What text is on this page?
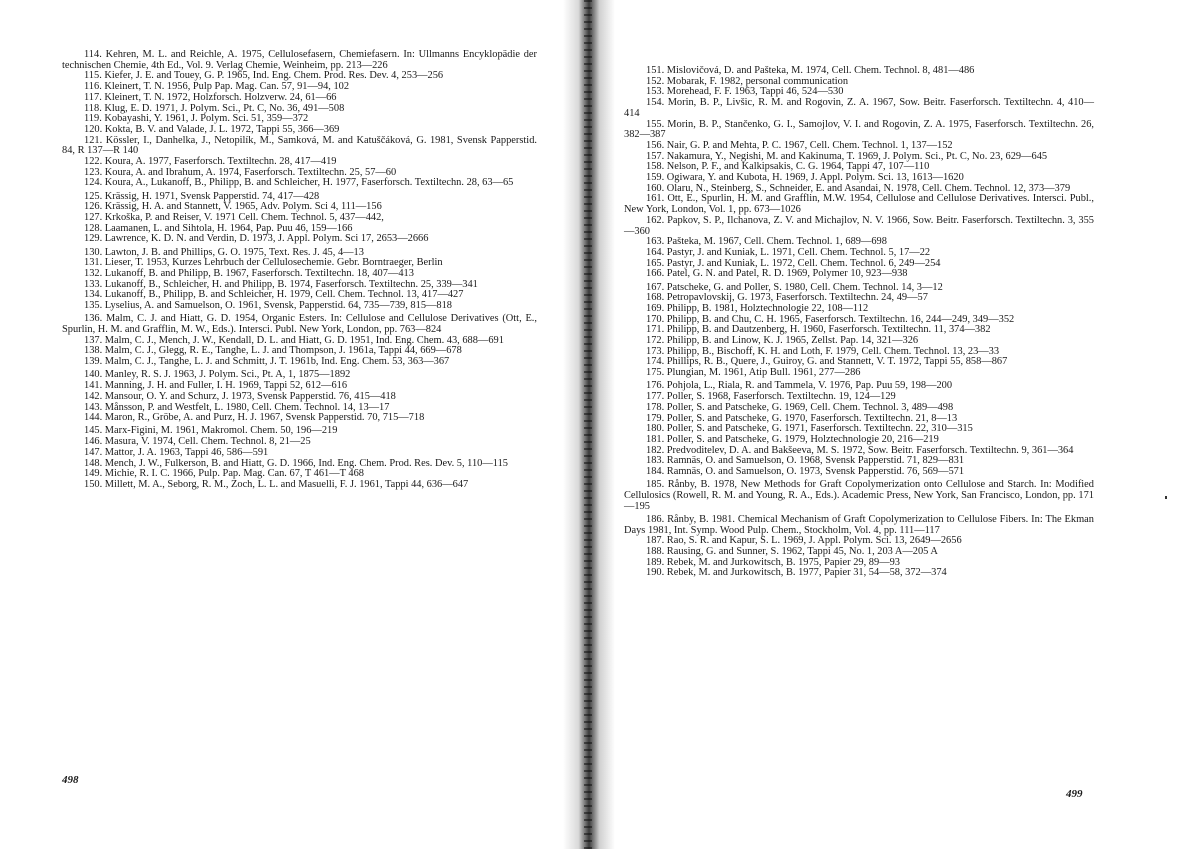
114. Kehren, M. L. and Reichle, A. 1975, Cellulosefasern, Chemiefasern. In: Ullmanns Encyklopädie der technischen Chemie, 4th Ed., Vol. 9. Verlag Chemie, Weinheim, pp. 213—226

115. Kiefer, J. E. and Touey, G. P. 1965, Ind. Eng. Chem. Prod. Res. Dev. 4, 253—256

116. Kleinert, T. N. 1956, Pulp Pap. Mag. Can. 57, 91—94, 102

117. Kleinert, T. N. 1972, Holzforsch. Holzverw. 24, 61—66

118. Klug, E. D. 1971, J. Polym. Sci., Pt. C, No. 36, 491—508

119. Kobayashi, Y. 1961, J. Polym. Sci. 51, 359—372

120. Kokta, B. V. and Valade, J. L. 1972, Tappi 55, 366—369

121. Kössler, I., Danhelka, J., Netopilík, M., Samková, M. and Katuščáková, G. 1981, Svensk Papperstid. 84, R 137—R 140

122. Koura, A. 1977, Faserforsch. Textiltechn. 28, 417—419

123. Koura, A. and Ibrahum, A. 1974, Faserforsch. Textiltechn. 25, 57—60

124. Koura, A., Lukanoff, B., Philipp, B. and Schleicher, H. 1977, Faserforsch. Textiltechn. 28, 63—65

125. Krässig, H. 1971, Svensk Papperstid. 74, 417—428

126. Krässig, H. A. and Stannett, V. 1965, Adv. Polym. Sci 4, 111—156

127. Krkoška, P. and Reiser, V. 1971 Cell. Chem. Technol. 5, 437—442,

128. Laamanen, L. and Sihtola, H. 1964, Pap. Puu 46, 159—166

129. Lawrence, K. D. N. and Verdin, D. 1973, J. Appl. Polym. Sci 17, 2653—2666

130. Lawton, J. B. and Phillips, G. O. 1975, Text. Res. J. 45, 4—13

131. Lieser, T. 1953, Kurzes Lehrbuch der Cellulosechemie. Gebr. Borntraeger, Berlin

132. Lukanoff, B. and Philipp, B. 1967, Faserforsch. Textiltechn. 18, 407—413

133. Lukanoff, B., Schleicher, H. and Philipp, B. 1974, Faserforsch. Textiltechn. 25, 339—341

134. Lukanoff, B., Philipp, B. and Schleicher, H. 1979, Cell. Chem. Technol. 13, 417—427

135. Lyselius, A. and Samuelson, O. 1961, Svensk, Papperstid. 64, 735—739, 815—818

136. Malm, C. J. and Hiatt, G. D. 1954, Organic Esters. In: Cellulose and Cellulose Derivatives (Ott, E., Spurlin, H. M. and Grafflin, M. W., Eds.). Intersci. Publ. New York, London, pp. 763—824

137. Malm, C. J., Mench, J. W., Kendall, D. L. and Hiatt, G. D. 1951, Ind. Eng. Chem. 43, 688—691

138. Malm, C. J., Glegg, R. E., Tanghe, L. J. and Thompson, J. 1961a, Tappi 44, 669—678

139. Malm, C. J., Tanghe, L. J. and Schmitt, J. T. 1961b, Ind. Eng. Chem. 53, 363—367

140. Manley, R. S. J. 1963, J. Polym. Sci., Pt. A, 1, 1875—1892

141. Manning, J. H. and Fuller, I. H. 1969, Tappi 52, 612—616

142. Mansour, O. Y. and Schurz, J. 1973, Svensk Papperstid. 76, 415—418

143. Månsson, P. and Westfelt, L. 1980, Cell. Chem. Technol. 14, 13—17

144. Maron, R., Gröbe, A. and Purz, H. J. 1967, Svensk Papperstid. 70, 715—718

145. Marx-Figini, M. 1961, Makromol. Chem. 50, 196—219

146. Masura, V. 1974, Cell. Chem. Technol. 8, 21—25

147. Mattor, J. A. 1963, Tappi 46, 586—591

148. Mench, J. W., Fulkerson, B. and Hiatt, G. D. 1966, Ind. Eng. Chem. Prod. Res. Dev. 5, 110—115

149. Michie, R. I. C. 1966, Pulp. Pap. Mag. Can. 67, T 461—T 468

150. Millett, M. A., Seborg, R. M., Zoch, L. L. and Masuelli, F. J. 1961, Tappi 44, 636—647

498

151. Mislovičová, D. and Pašteka, M. 1974, Cell. Chem. Technol. 8, 481—486

152. Mobarak, F. 1982, personal communication

153. Morehead, F. F. 1963, Tappi 46, 524—530

154. Morin, B. P., Livšic, R. M. and Rogovin, Z. A. 1967, Sow. Beitr. Faserforsch. Textiltechn. 4, 410—414

155. Morin, B. P., Stančenko, G. I., Samojlov, V. I. and Rogovin, Z. A. 1975, Faserforsch. Textiltechn. 26, 382—387

156. Nair, G. P. and Mehta, P. C. 1967, Cell. Chem. Technol. 1, 137—152

157. Nakamura, Y., Negishi, M. and Kakinuma, T. 1969, J. Polym. Sci., Pt. C, No. 23, 629—645

158. Nelson, P. F., and Kalkipsakis, C. G. 1964, Tappi 47, 107—110

159. Ogiwara, Y. and Kubota, H. 1969, J. Appl. Polym. Sci. 13, 1613—1620

160. Olaru, N., Steinberg, S., Schneider, E. and Asandai, N. 1978, Cell. Chem. Technol. 12, 373—379

161. Ott, E., Spurlin, H. M. and Grafflin, M.W. 1954, Cellulose and Cellulose Derivatives. Intersci. Publ., New York, London, Vol. 1, pp. 673—1026

162. Papkov, S. P., Ilchanova, Z. V. and Michajlov, N. V. 1966, Sow. Beitr. Faserforsch. Textiltechn. 3, 355—360

163. Pašteka, M. 1967, Cell. Chem. Technol. 1, 689—698

164. Pastyr, J. and Kuniak, L. 1971, Cell. Chem. Technol. 5, 17—22

165. Pastyr, J. and Kuniak, L. 1972, Cell. Chem. Technol. 6, 249—254

166. Patel, G. N. and Patel, R. D. 1969, Polymer 10, 923—938

167. Patscheke, G. and Poller, S. 1980, Cell. Chem. Technol. 14, 3—12

168. Petropavlovskij, G. 1973, Faserforsch. Textiltechn. 24, 49—57

169. Philipp, B. 1981, Holztechnologie 22, 108—112

170. Philipp, B. and Chu, C. H. 1965, Faserforsch. Textiltechn. 16, 244—249, 349—352

171. Philipp, B. and Dautzenberg, H. 1960, Faserforsch. Textiltechn. 11, 374—382

172. Philipp, B. and Linow, K. J. 1965, Zellst. Pap. 14, 321—326

173. Philipp, B., Bischoff, K. H. and Loth, F. 1979, Cell. Chem. Technol. 13, 23—33

174. Phillips, R. B., Quere, J., Guiroy, G. and Stannett, V. T. 1972, Tappi 55, 858—867

175. Plungian, M. 1961, Atip Bull. 1961, 277—286

176. Pohjola, L., Riala, R. and Tammela, V. 1976, Pap. Puu 59, 198—200

177. Poller, S. 1968, Faserforsch. Textiltechn. 19, 124—129

178. Poller, S. and Patscheke, G. 1969, Cell. Chem. Technol. 3, 489—498

179. Poller, S. and Patscheke, G. 1970, Faserforsch. Textiltechn. 21, 8—13

180. Poller, S. and Patscheke, G. 1971, Faserforsch. Textiltechn. 22, 310—315

181. Poller, S. and Patscheke, G. 1979, Holztechnologie 20, 216—219

182. Predvoditelev, D. A. and Bakšeeva, M. S. 1972, Sow. Beitr. Faserforsch. Textiltechn. 9, 361—364

183. Ramnäs, O. and Samuelson, O. 1968, Svensk Papperstid. 71, 829—831

184. Ramnäs, O. and Samuelson, O. 1973, Svensk Papperstid. 76, 569—571

185. Rånby, B. 1978, New Methods for Graft Copolymerization onto Cellulose and Starch. In: Modified Cellulosics (Rowell, R. M. and Young, R. A., Eds.). Academic Press, New York, San Francisco, London, pp. 171—195

186. Rånby, B. 1981. Chemical Mechanism of Graft Copolymerization to Cellulose Fibers. In: The Ekman Days 1981, Int. Symp. Wood Pulp. Chem., Stockholm, Vol. 4, pp. 111—117

187. Rao, S. R. and Kapur, S. L. 1969, J. Appl. Polym. Sci. 13, 2649—2656

188. Rausing, G. and Sunner, S. 1962, Tappi 45, No. 1, 203 A—205 A

189. Rebek, M. and Jurkowitsch, B. 1975, Papier 29, 89—93

190. Rebek, M. and Jurkowitsch, B. 1977, Papier 31, 54—58, 372—374

499
